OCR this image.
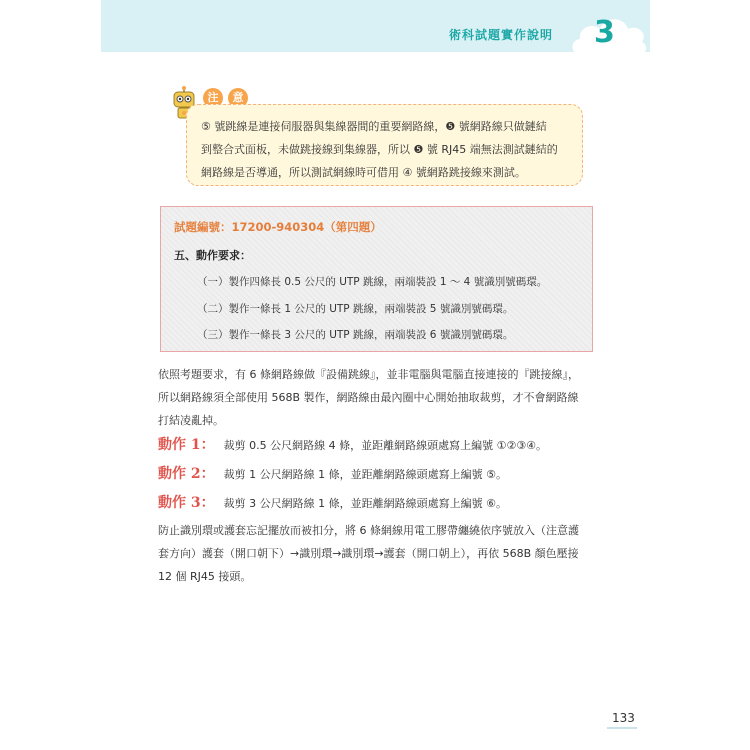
術科試題實作說明 3
注	意
⑤ 號跳線是連接伺服器與集線器間的重要網路線，❺ 號網路線只做鏈結
到整合式面板，未做跳接線到集線器，所以 ❺ 號 RJ45 端無法測試鏈結的
網路線是否導通，所以測試網線時可借用 ④ 號網路跳接線來測試。
試題編號：17200-940304（第四題）
五、動作要求：
（一）製作四條長 0.5 公尺的 UTP 跳線，兩端裝設 1 ～ 4 號識別號碼環。
（二）製作一條長 1 公尺的 UTP 跳線，兩端裝設 5 號識別號碼環。
（三）製作一條長 3 公尺的 UTP 跳線，兩端裝設 6 號識別號碼環。
依照考題要求，有 6 條網路線做『設備跳線』，並非電腦與電腦直接連接的『跳接線』，
所以網路線須全部使用 568B 製作，網路線由最內圈中心開始抽取裁剪，才不會網路線
打結凌亂掉。
動作 1： 裁剪 0.5 公尺網路線 4 條，並距離網路線頭處寫上編號 ①②③④。
動作 2： 裁剪 1 公尺網路線 1 條，並距離網路線頭處寫上編號 ⑤。
動作 3： 裁剪 3 公尺網路線 1 條，並距離網路線頭處寫上編號 ⑥。
防止識別環或護套忘記擺放而被扣分，將 6 條網線用電工膠帶纏繞依序號放入（注意護
套方向）護套（開口朝下）→識別環→識別環→護套（開口朝上），再依 568B 顏色壓接
12 個 RJ45 接頭。
133
